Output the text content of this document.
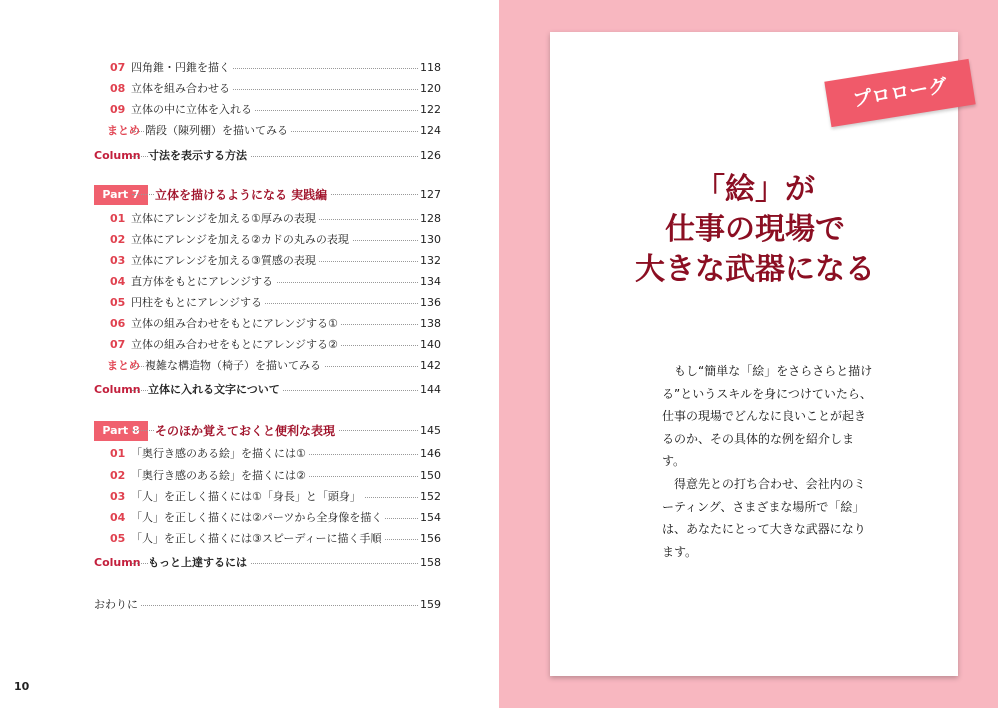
07 四角錐・円錐を描く	118
08 立体を組み合わせる	120
09 立体の中に立体を入れる	122
まとめ 階段（陳列棚）を描いてみる	124
Column 寸法を表示する方法	126
Part 7	立体を描けるようになる 実践編	127
01 立体にアレンジを加える①厚みの表現	128
02 立体にアレンジを加える②カドの丸みの表現	130
03 立体にアレンジを加える③質感の表現	132
04 直方体をもとにアレンジする	134
05 円柱をもとにアレンジする	136
06 立体の組み合わせをもとにアレンジする①	138
07 立体の組み合わせをもとにアレンジする②	140
まとめ 複雑な構造物（椅子）を描いてみる	142
Column 立体に入れる文字について	144
Part 8	そのほか覚えておくと便利な表現	145
01 「奥行き感のある絵」を描くには①	146
02 「奥行き感のある絵」を描くには②	150
03 「人」を正しく描くには①「身長」と「頭身」	152
04 「人」を正しく描くには②パーツから全身像を描く	154
05 「人」を正しく描くには③スピーディーに描く手順	156
Column もっと上達するには	158
おわりに	159
10
プロローグ
「絵」が
仕事の現場で
大きな武器になる

もし“簡単な「絵」をさらさらと描ける”というスキルを身につけていたら、仕事の現場でどんなに良いことが起きるのか、その具体的な例を紹介します。

得意先との打ち合わせ、会社内のミーティング、さまざまな場所で「絵」は、あなたにとって大きな武器になります。
